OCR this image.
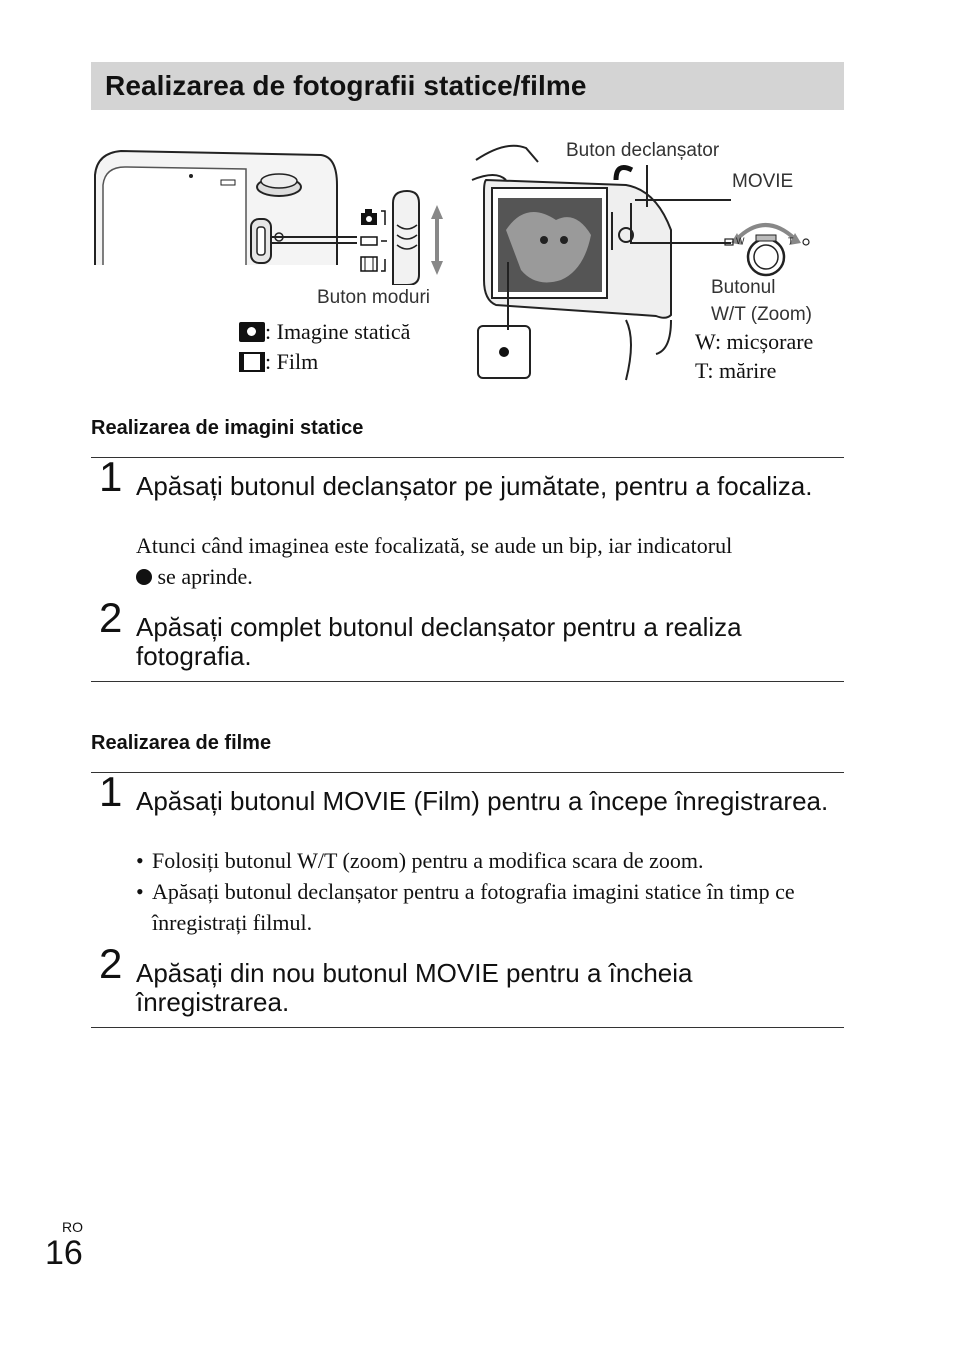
Realizarea de fotografii statice/filme
Buton moduri
: Imagine statică
: Film
Buton declanșator
MOVIE
W	T
Butonul
W/T (Zoom)
W: micșorare
T: mărire
Realizarea de imagini statice
1 Apăsați butonul declanșator pe jumătate, pentru a focaliza.
Atunci când imaginea este focalizată, se aude un bip, iar indicatorul
se aprinde.
2 Apăsați complet butonul declanșator pentru a realiza fotografia.
Realizarea de filme
1 Apăsați butonul MOVIE (Film) pentru a începe înregistrarea.
• Folosiți butonul W/T (zoom) pentru a modifica scara de zoom.
• Apăsați butonul declanșator pentru a fotografia imagini statice în timp ce înregistrați filmul.
2 Apăsați din nou butonul MOVIE pentru a încheia înregistrarea.
RO
16
